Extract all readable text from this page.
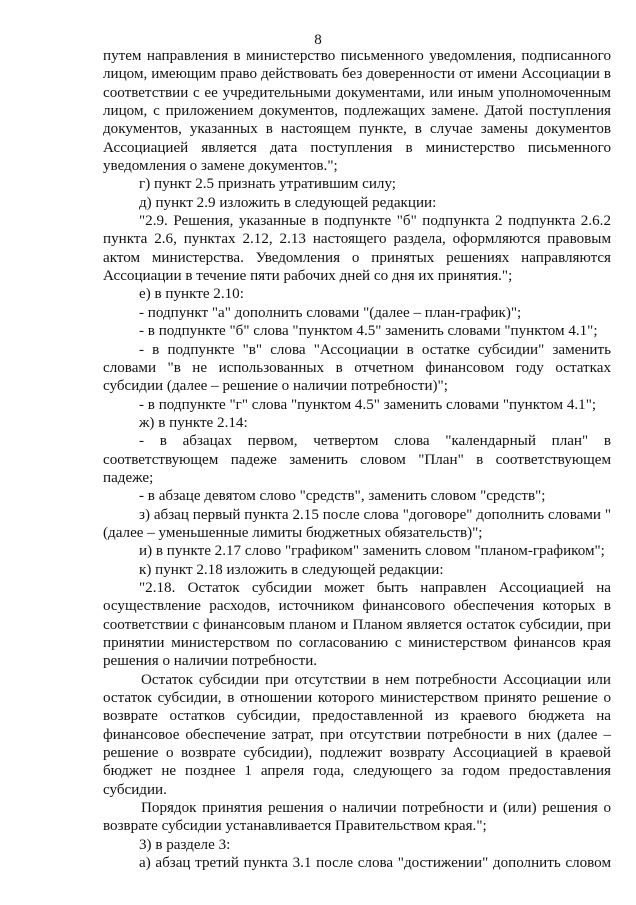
8

путем направления в министерство письменного уведомления, подписанного лицом, имеющим право действовать без доверенности от имени Ассоциации в соответствии с ее учредительными документами, или иным уполномоченным лицом, с приложением документов, подлежащих замене. Датой поступления документов, указанных в настоящем пункте, в случае замены документов Ассоциацией является дата поступления в министерство письменного уведомления о замене документов.";

г) пункт 2.5 признать утратившим силу;

д) пункт 2.9 изложить в следующей редакции:

"2.9. Решения, указанные в подпункте "б" подпункта 2 подпункта 2.6.2 пункта 2.6, пунктах 2.12, 2.13 настоящего раздела, оформляются правовым актом министерства. Уведомления о принятых решениях направляются Ассоциации в течение пяти рабочих дней со дня их принятия.";

е) в пункте 2.10:

- подпункт "а" дополнить словами "(далее – план-график)";

- в подпункте "б" слова "пунктом 4.5" заменить словами "пунктом 4.1";

- в подпункте "в" слова "Ассоциации в остатке субсидии" заменить словами "в не использованных в отчетном финансовом году остатках субсидии (далее – решение о наличии потребности)";

- в подпункте "г" слова "пунктом 4.5" заменить словами "пунктом 4.1";

ж) в пункте 2.14:

- в абзацах первом, четвертом слова "календарный план" в соответствующем падеже заменить словом "План" в соответствующем падеже;

- в абзаце девятом слово "средств", заменить словом "средств";

з) абзац первый пункта 2.15 после слова "договоре" дополнить словами "(далее – уменьшенные лимиты бюджетных обязательств)";

и) в пункте 2.17 слово "графиком" заменить словом "планом-графиком";

к) пункт 2.18 изложить в следующей редакции:

"2.18. Остаток субсидии может быть направлен Ассоциацией на осуществление расходов, источником финансового обеспечения которых в соответствии с финансовым планом и Планом является остаток субсидии, при принятии министерством по согласованию с министерством финансов края решения о наличии потребности.

Остаток субсидии при отсутствии в нем потребности Ассоциации или остаток субсидии, в отношении которого министерством принято решение о возврате остатков субсидии, предоставленной из краевого бюджета на финансовое обеспечение затрат, при отсутствии потребности в них (далее – решение о возврате субсидии), подлежит возврату Ассоциацией в краевой бюджет не позднее 1 апреля года, следующего за годом предоставления субсидии.

Порядок принятия решения о наличии потребности и (или) решения о возврате субсидии устанавливается Правительством края.";

3) в разделе 3:

а) абзац третий пункта 3.1 после слова "достижении" дополнить словом
